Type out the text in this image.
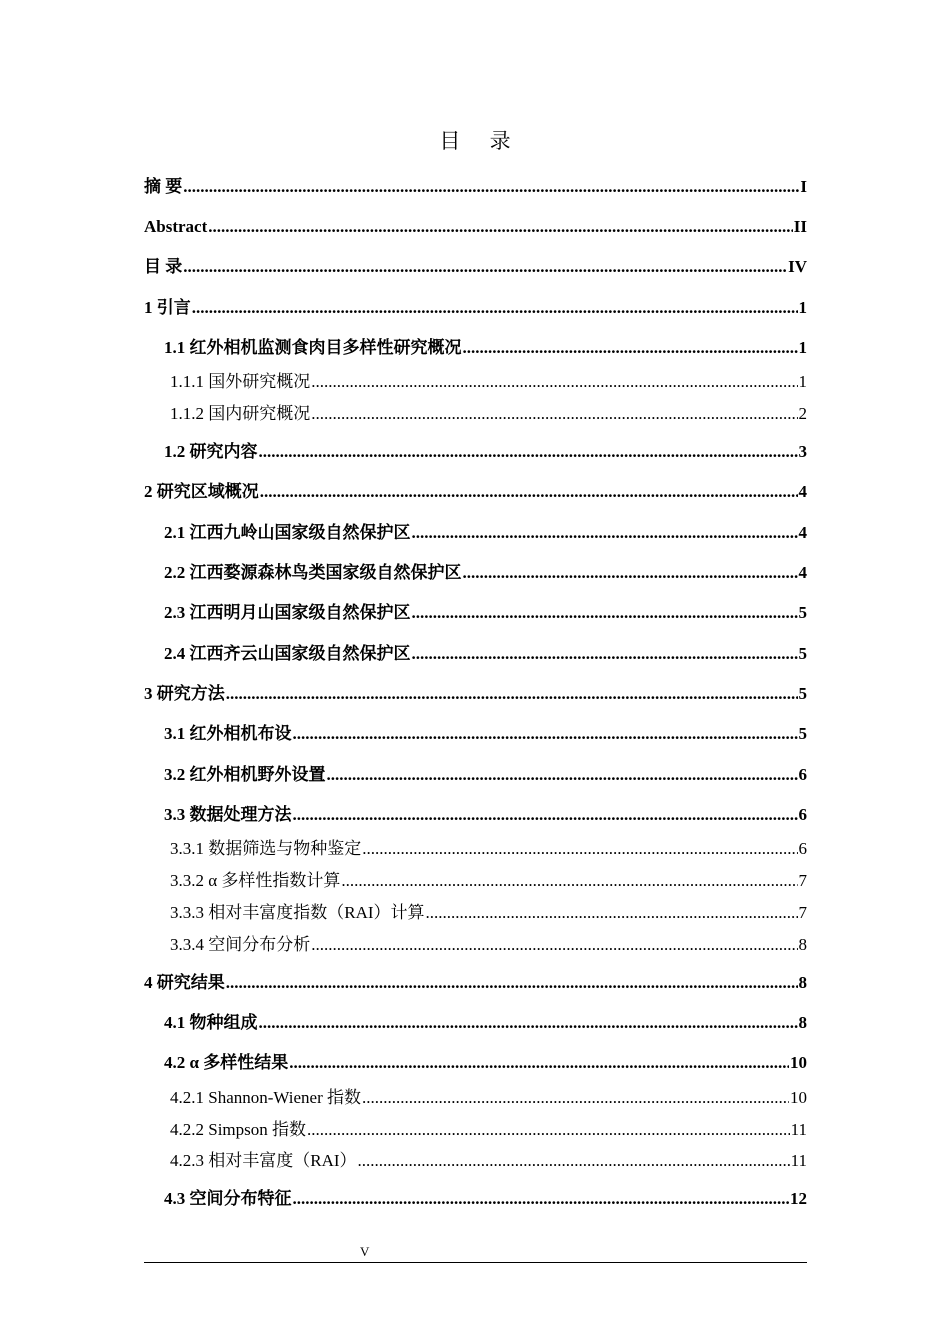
目 录
摘 要 .....	I
Abstract .....	II
目 录 .....	IV
1 引言 .....	1
1.1 红外相机监测食肉目多样性研究概况 .....	1
1.1.1 国外研究概况 .....	1
1.1.2 国内研究概况 .....	2
1.2 研究内容 .....	3
2 研究区域概况 .....	4
2.1 江西九岭山国家级自然保护区 .....	4
2.2 江西婺源森林鸟类国家级自然保护区 .....	4
2.3 江西明月山国家级自然保护区 .....	5
2.4 江西齐云山国家级自然保护区 .....	5
3 研究方法 .....	5
3.1 红外相机布设 .....	5
3.2 红外相机野外设置 .....	6
3.3 数据处理方法 .....	6
3.3.1 数据筛选与物种鉴定 .....	6
3.3.2 α 多样性指数计算 .....	7
3.3.3 相对丰富度指数（RAI）计算 .....	7
3.3.4 空间分布分析 .....	8
4 研究结果 .....	8
4.1 物种组成 .....	8
4.2 α 多样性结果 .....	10
4.2.1 Shannon-Wiener 指数 .....	10
4.2.2 Simpson 指数 .....	11
4.2.3 相对丰富度（RAI） .....	11
4.3 空间分布特征 .....	12
V
